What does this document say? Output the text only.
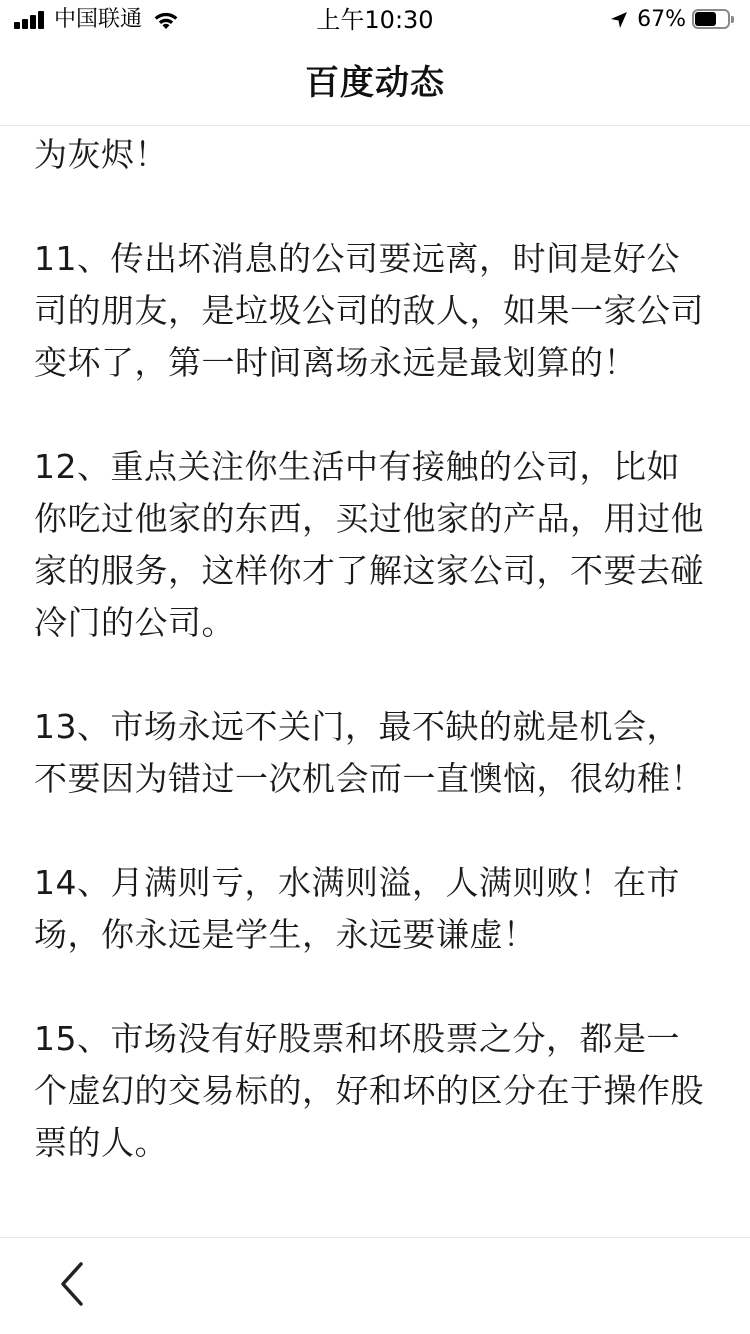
中国联通	上午10:30	67%
百度动态

为灰烬！

11、传出坏消息的公司要远离，时间是好公司的朋友，是垃圾公司的敌人，如果一家公司变坏了，第一时间离场永远是最划算的！

12、重点关注你生活中有接触的公司，比如你吃过他家的东西，买过他家的产品，用过他家的服务，这样你才了解这家公司，不要去碰冷门的公司。

13、市场永远不关门，最不缺的就是机会，不要因为错过一次机会而一直懊恼，很幼稚！

14、月满则亏，水满则溢，人满则败！在市场，你永远是学生，永远要谦虚！

15、市场没有好股票和坏股票之分，都是一个虚幻的交易标的，好和坏的区分在于操作股票的人。
